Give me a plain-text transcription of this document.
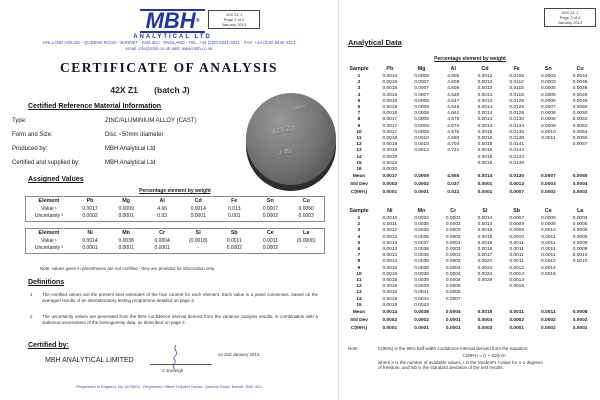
42X Z1 J
Page 1 of 4
January 2013
MBH®
ANALYTICAL LTD
HOLLAND HOUSE - QUEENS ROAD - BARNET - EN5 4DJ - ENGLAND - TEL. +44 (0)20 8441 3031 - FAX: +44 (0)20 8449 0313
email: info@mbh.co.uk web: www.mbh.co.uk
CERTIFICATE OF ANALYSIS
42X Z1 (batch J)
Certified Reference Material Information
Type:	ZINC/ALUMINIUM ALLOY (CAST)
Form and Size:	Disc ~50mm diameter
Produced by:	MBH Analytical Ltd
Certified and supplied by:	MBH Analytical Ltd
MBH
42X Z1
J 49
Assigned Values
Percentage element by weight
Element	Pb	Mg	Al	Cd	Fe	Sn	Cu
Value ¹	0.0017	0.0009	4.66	0.0014	0.013	0.0007	0.0050
Uncertainty ²	0.0002	0.0001	0.03	0.0001	0.001	0.0002	0.0003
Element	Ni	Mn	Cr	Si	Sb	Ce	La
Value ¹	0.0014	0.0038	0.0004	(0.0018)	0.0011	0.0011	(0.0006)
Uncertainty ²	0.0001	0.0001	0.0001	-	0.0002	0.0002	-
Note: values given in parentheses are not certified - they are provided for information only.
Definitions
1 The certified values are the present best estimates of the true content for each element. Each value is a panel consensus, based on the averaged results of an interlaboratory testing programme detailed on page 3.
2 The uncertainty values are generated from the 95% confidence interval derived from the variance analysis results, in combination with a statistical assessment of the homogeneity data, as described on page 2.
Certified by:
MBH ANALYTICAL LIMITED
on 2nd January 2013
C Eveleigh
Registered in England, No 1575803 - Registered Office: Holland House, Queens Road, Barnet, EN5 4DJ
42X Z1 J
Page 3 of 4
January 2013
Analytical Data
Percentage element by weight
Sample	Pb	Mg	Al	Cd	Fe	Sn	Cu
1	0.0014	0.0008	4.605	0.0012	0.0105	0.0003	0.0044
2	0.0015	0.0007	4.608	0.0013	0.0112	0.0003	0.0046
3	0.0015	0.0007	4.609	0.0013	0.0116	0.0005	0.0048
4	0.0016	0.0007	4.620	0.0014	0.0118	0.0005	0.0049
5	0.0016	0.0008	4.647	0.0014	0.0125	0.0006	0.0049
6	0.0016	0.0008	4.649	0.0014	0.0126	0.0007	0.0050
7	0.0016	0.0008	4.661	0.0014	0.0126	0.0008	0.0050
8	0.0017	0.0008	4.670	0.0014	0.0130	0.0008	0.0052
9	0.0017	0.0008	4.670	0.0014	0.0134	0.0009	0.0052
10	0.0017	0.0009	4.676	0.0015	0.0135	0.0010	0.0054
11	0.0018	0.0010	4.680	0.0015	0.0138	0.0011	0.0055
12	0.0018	0.0010	4.704	0.0015	0.0141		0.0057
13	0.0018	0.0012	4.721	0.0015	0.0144		
14	0.0019			0.0016	0.0144		
15	0.0020			0.0016	0.0149		
16	0.0020						
Mean	0.0017	0.0009	4.655	0.0014	0.0130	0.0007	0.0050
Std Dev	0.0002	0.0002	0.037	0.0001	0.0013	0.0003	0.0004
C(95%)	0.0001	0.0001	0.022	0.0001	0.0007	0.0002	0.0002
Sample	Ni	Mn	Cr	Si	Sb	Ce	La
1	0.0010	0.0034	0.0002	0.0014	0.0007	0.0009	0.0004
2	0.0011	0.0035	0.0003	0.0014	0.0008	0.0009	0.0005
3	0.0012	0.0035	0.0003	0.0015	0.0009	0.0010	0.0005
4	0.0013	0.0035	0.0003	0.0015	0.0010	0.0011	0.0005
5	0.0013	0.0037	0.0003	0.0015	0.0011	0.0011	0.0009
6	0.0013	0.0038	0.0003	0.0016	0.0011	0.0011	0.0009
7	0.0013	0.0038	0.0003	0.0017	0.0011	0.0011	0.0010
8	0.0014	0.0038	0.0003	0.0021	0.0011	0.0012	0.0010
9	0.0015	0.0038	0.0004	0.0024	0.0012	0.0014	
10	0.0015	0.0038	0.0004	0.0024	0.0013	0.0015	
11	0.0015	0.0039	0.0004	0.0029	0.0014		
12	0.0015	0.0039	0.0005		0.0015		
13	0.0015	0.0041	0.0006				
14	0.0016	0.0042	0.0007				
15	0.0016	0.0042					
Mean	0.0014	0.0038	0.0004	0.0018	0.0011	0.0011	0.0008
Std Dev	0.0002	0.0002	0.0001	0.0004	0.0002	0.0002	0.0002
C(95%)	0.0001	0.0001	0.0001	0.0003	0.0001	0.0002	0.0002
Note:	C(95%) is the 95% half-width confidence interval derived from the equation:
C(95%) = (t × SD)/√n
where n is the number of available values, t is the Student's t value for n-1 degrees
of freedom, and SD is the standard deviation of the test results.
